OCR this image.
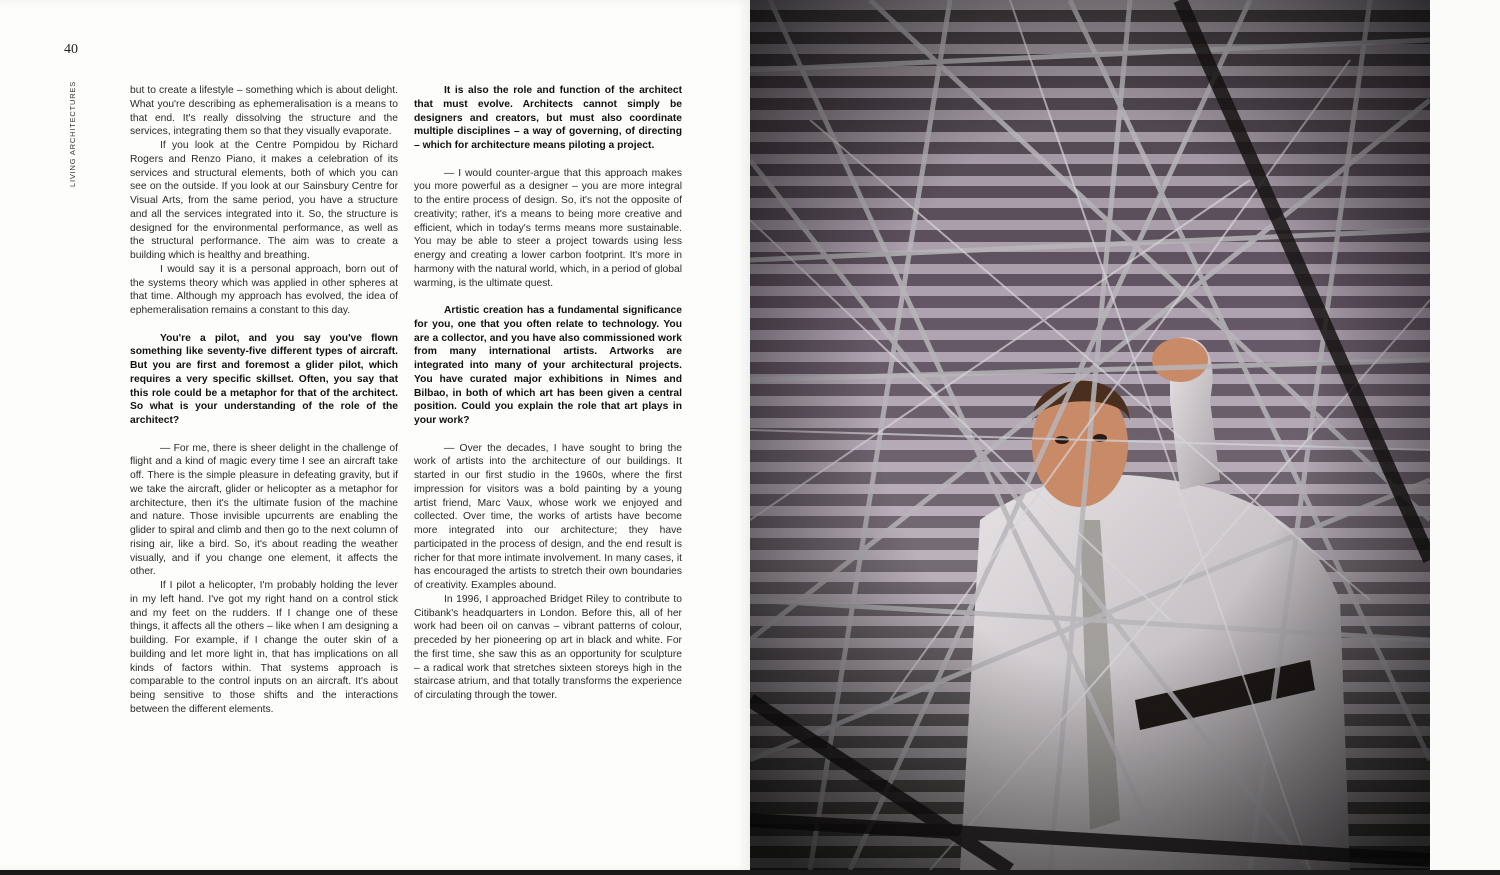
40

LIVING ARCHITECTURES	but to create a lifestyle – something which is about delight. What you're describing as ephemeralisation is a means to that end. It's really dissolving the structure and the services, integrating them so that they visually evaporate.

If you look at the Centre Pompidou by Richard Rogers and Renzo Piano, it makes a celebration of its services and structural elements, both of which you can see on the outside. If you look at our Sainsbury Centre for Visual Arts, from the same period, you have a structure and all the services integrated into it. So, the structure is designed for the environmental performance, as well as the structural performance. The aim was to create a building which is healthy and breathing.

I would say it is a personal approach, born out of the systems theory which was applied in other spheres at that time. Although my approach has evolved, the idea of ephemeralisation remains a constant to this day.

You're a pilot, and you say you've flown something like seventy-five different types of aircraft. But you are first and foremost a glider pilot, which requires a very specific skillset. Often, you say that this role could be a metaphor for that of the architect. So what is your understanding of the role of the architect?

— For me, there is sheer delight in the challenge of flight and a kind of magic every time I see an aircraft take off. There is the simple pleasure in defeating gravity, but if we take the aircraft, glider or helicopter as a metaphor for architecture, then it's the ultimate fusion of the machine and nature. Those invisible upcurrents are enabling the glider to spiral and climb and then go to the next column of rising air, like a bird. So, it's about reading the weather visually, and if you change one element, it affects the other.

If I pilot a helicopter, I'm probably holding the lever in my left hand. I've got my right hand on a control stick and my feet on the rudders. If I change one of these things, it affects all the others – like when I am designing a building. For example, if I change the outer skin of a building and let more light in, that has implications on all kinds of factors within. That systems approach is comparable to the control inputs on an aircraft. It's about being sensitive to those shifts and the interactions between the different elements.

It is also the role and function of the architect that must evolve. Architects cannot simply be designers and creators, but must also coordinate multiple disciplines – a way of governing, of directing – which for architecture means piloting a project.

— I would counter-argue that this approach makes you more powerful as a designer – you are more integral to the entire process of design. So, it's not the opposite of creativity; rather, it's a means to being more creative and efficient, which in today's terms means more sustainable. You may be able to steer a project towards using less energy and creating a lower carbon footprint. It's more in harmony with the natural world, which, in a period of global warming, is the ultimate quest.

Artistic creation has a fundamental significance for you, one that you often relate to technology. You are a collector, and you have also commissioned work from many international artists. Artworks are integrated into many of your architectural projects. You have curated major exhibitions in Nimes and Bilbao, in both of which art has been given a central position. Could you explain the role that art plays in your work?

— Over the decades, I have sought to bring the work of artists into the architecture of our buildings. It started in our first studio in the 1960s, where the first impression for visitors was a bold painting by a young artist friend, Marc Vaux, whose work we enjoyed and collected. Over time, the works of artists have become more integrated into our architecture; they have participated in the process of design, and the end result is richer for that more intimate involvement. In many cases, it has encouraged the artists to stretch their own boundaries of creativity. Examples abound.

In 1996, I approached Bridget Riley to contribute to Citibank's headquarters in London. Before this, all of her work had been oil on canvas – vibrant patterns of colour, preceded by her pioneering op art in black and white. For the first time, she saw this as an opportunity for sculpture – a radical work that stretches sixteen storeys high in the staircase atrium, and that totally transforms the experience of circulating through the tower.
